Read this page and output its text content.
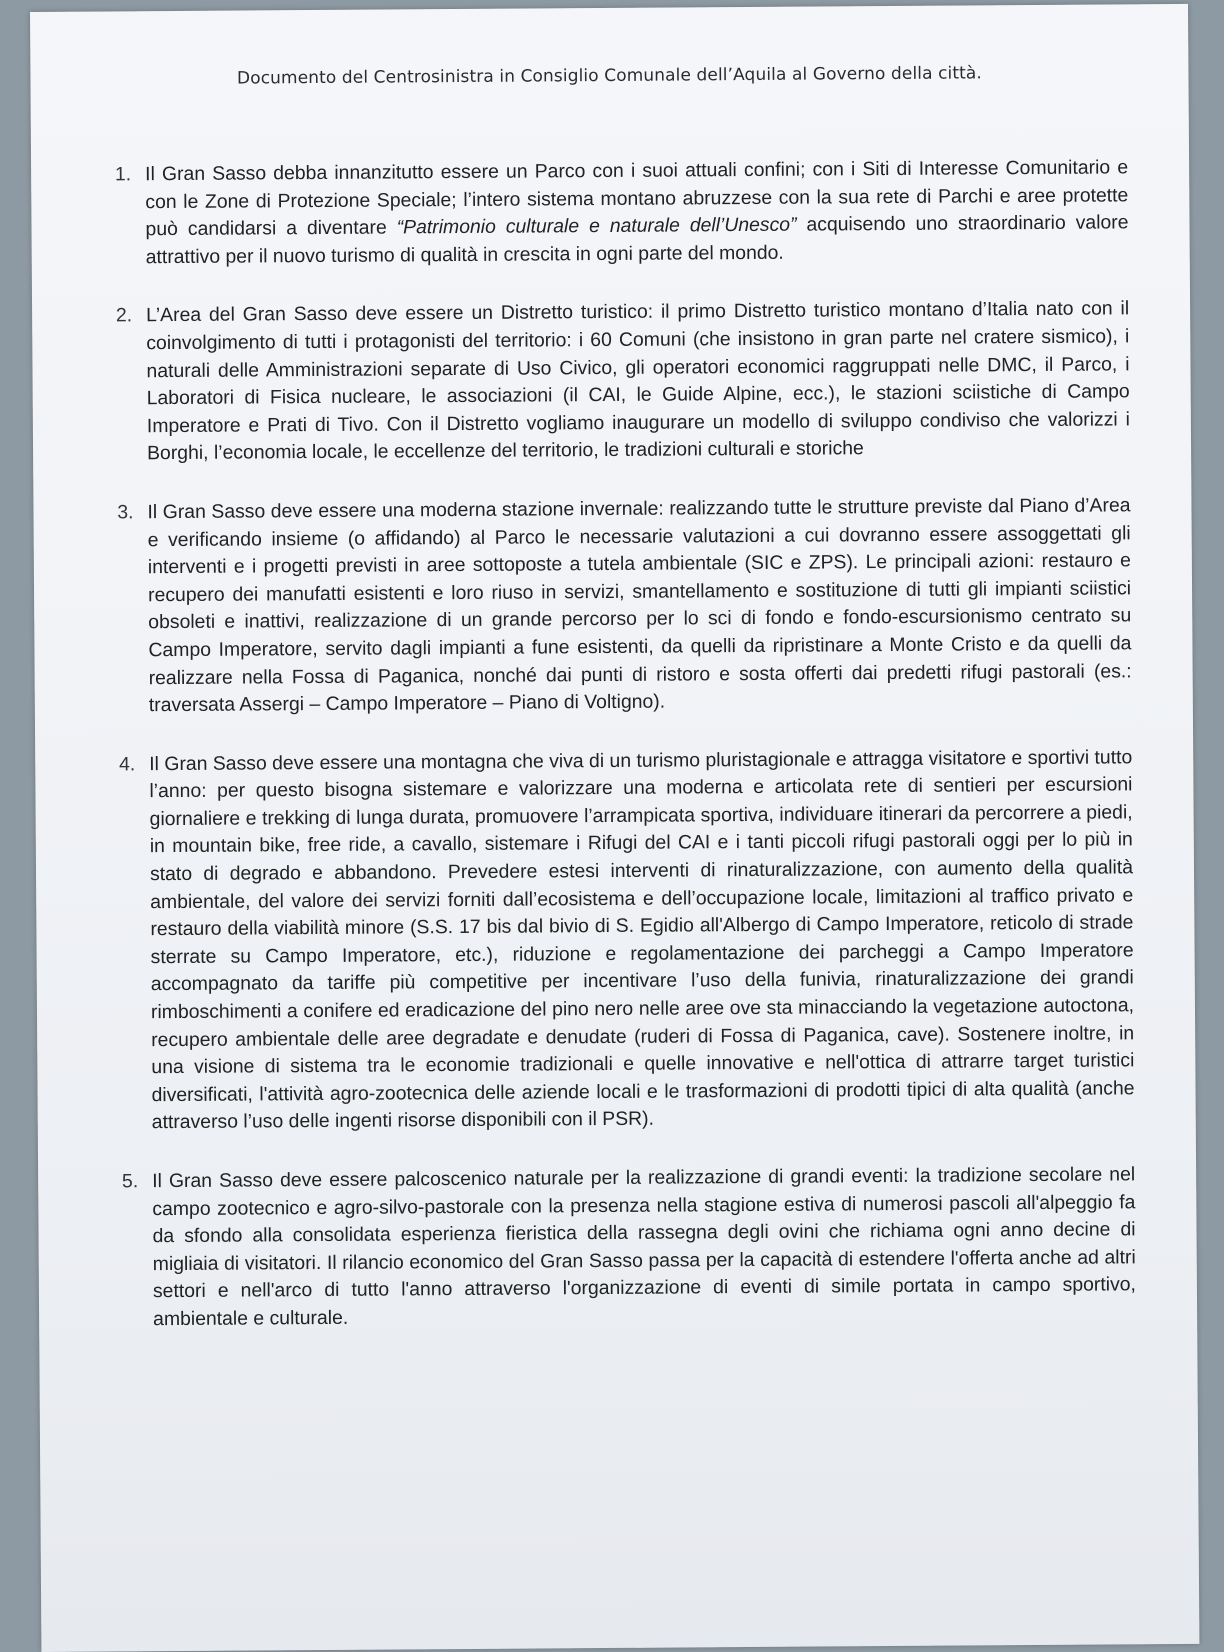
Documento del Centrosinistra in Consiglio Comunale dell’Aquila al Governo della città.
1. Il Gran Sasso debba innanzitutto essere un Parco con i suoi attuali confini; con i Siti di Interesse Comunitario e con le Zone di Protezione Speciale; l’intero sistema montano abruzzese con la sua rete di Parchi e aree protette può candidarsi a diventare “Patrimonio culturale e naturale dell’Unesco” acquisendo uno straordinario valore attrattivo per il nuovo turismo di qualità in crescita in ogni parte del mondo.
2. L’Area del Gran Sasso deve essere un Distretto turistico: il primo Distretto turistico montano d’Italia nato con il coinvolgimento di tutti i protagonisti del territorio: i 60 Comuni (che insistono in gran parte nel cratere sismico), i naturali delle Amministrazioni separate di Uso Civico, gli operatori economici raggruppati nelle DMC, il Parco, i Laboratori di Fisica nucleare, le associazioni (il CAI, le Guide Alpine, ecc.), le stazioni sciistiche di Campo Imperatore e Prati di Tivo. Con il Distretto vogliamo inaugurare un modello di sviluppo condiviso che valorizzi i Borghi, l’economia locale, le eccellenze del territorio, le tradizioni culturali e storiche
3. Il Gran Sasso deve essere una moderna stazione invernale: realizzando tutte le strutture previste dal Piano d’Area e verificando insieme (o affidando) al Parco le necessarie valutazioni a cui dovranno essere assoggettati gli interventi e i progetti previsti in aree sottoposte a tutela ambientale (SIC e ZPS). Le principali azioni: restauro e recupero dei manufatti esistenti e loro riuso in servizi, smantellamento e sostituzione di tutti gli impianti sciistici obsoleti e inattivi, realizzazione di un grande percorso per lo sci di fondo e fondo-escursionismo centrato su Campo Imperatore, servito dagli impianti a fune esistenti, da quelli da ripristinare a Monte Cristo e da quelli da realizzare nella Fossa di Paganica, nonché dai punti di ristoro e sosta offerti dai predetti rifugi pastorali (es.: traversata Assergi – Campo Imperatore – Piano di Voltigno).
4. Il Gran Sasso deve essere una montagna che viva di un turismo pluristagionale e attragga visitatore e sportivi tutto l’anno: per questo bisogna sistemare e valorizzare una moderna e articolata rete di sentieri per escursioni giornaliere e trekking di lunga durata, promuovere l’arrampicata sportiva, individuare itinerari da percorrere a piedi, in mountain bike, free ride, a cavallo, sistemare i Rifugi del CAI e i tanti piccoli rifugi pastorali oggi per lo più in stato di degrado e abbandono. Prevedere estesi interventi di rinaturalizzazione, con aumento della qualità ambientale, del valore dei servizi forniti dall’ecosistema e dell’occupazione locale, limitazioni al traffico privato e restauro della viabilità minore (S.S. 17 bis dal bivio di S. Egidio all'Albergo di Campo Imperatore, reticolo di strade sterrate su Campo Imperatore, etc.), riduzione e regolamentazione dei parcheggi a Campo Imperatore accompagnato da tariffe più competitive per incentivare l’uso della funivia, rinaturalizzazione dei grandi rimboschimenti a conifere ed eradicazione del pino nero nelle aree ove sta minacciando la vegetazione autoctona, recupero ambientale delle aree degradate e denudate (ruderi di Fossa di Paganica, cave). Sostenere inoltre, in una visione di sistema tra le economie tradizionali e quelle innovative e nell'ottica di attrarre target turistici diversificati, l'attività agro-zootecnica delle aziende locali e le trasformazioni di prodotti tipici di alta qualità (anche attraverso l’uso delle ingenti risorse disponibili con il PSR).
5. Il Gran Sasso deve essere palcoscenico naturale per la realizzazione di grandi eventi: la tradizione secolare nel campo zootecnico e agro-silvo-pastorale con la presenza nella stagione estiva di numerosi pascoli all'alpeggio fa da sfondo alla consolidata esperienza fieristica della rassegna degli ovini che richiama ogni anno decine di migliaia di visitatori. Il rilancio economico del Gran Sasso passa per la capacità di estendere l'offerta anche ad altri settori e nell'arco di tutto l'anno attraverso l'organizzazione di eventi di simile portata in campo sportivo, ambientale e culturale.
